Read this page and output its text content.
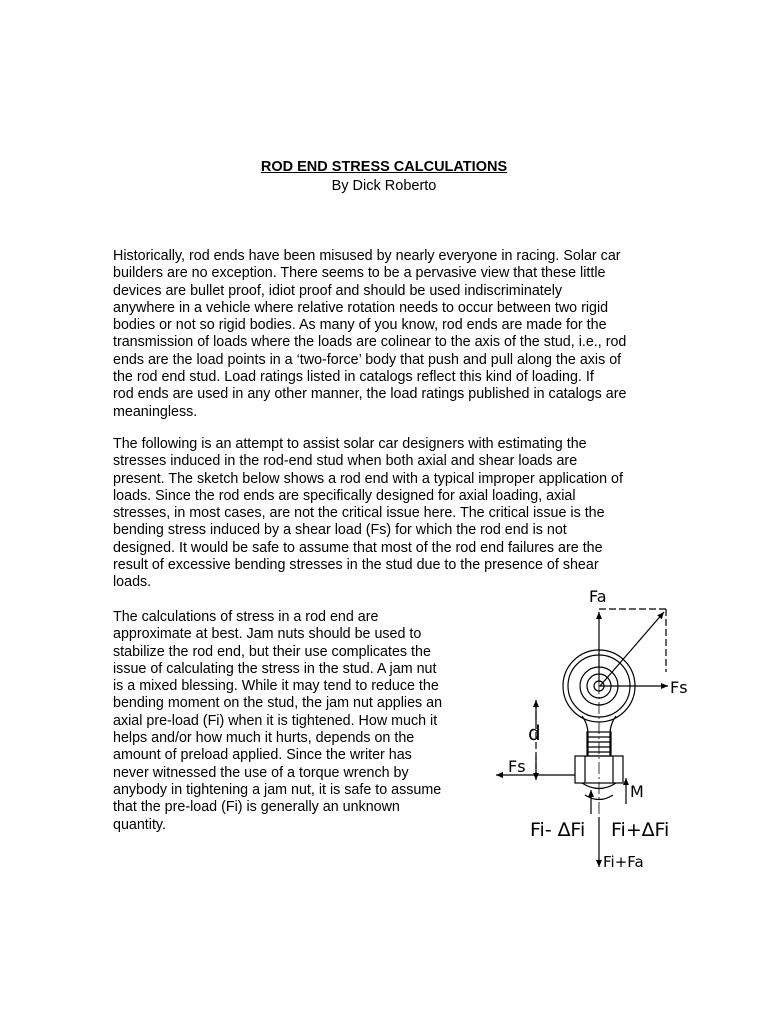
ROD END STRESS CALCULATIONS
By Dick Roberto

Historically, rod ends have been misused by nearly everyone in racing. Solar car
builders are no exception. There seems to be a pervasive view that these little
devices are bullet proof, idiot proof and should be used indiscriminately
anywhere in a vehicle where relative rotation needs to occur between two rigid
bodies or not so rigid bodies. As many of you know, rod ends are made for the
transmission of loads where the loads are colinear to the axis of the stud, i.e., rod
ends are the load points in a ‘two-force’ body that push and pull along the axis of
the rod end stud. Load ratings listed in catalogs reflect this kind of loading. If
rod ends are used in any other manner, the load ratings published in catalogs are
meaningless.

The following is an attempt to assist solar car designers with estimating the
stresses induced in the rod-end stud when both axial and shear loads are
present. The sketch below shows a rod end with a typical improper application of
loads. Since the rod ends are specifically designed for axial loading, axial
stresses, in most cases, are not the critical issue here. The critical issue is the
bending stress induced by a shear load (Fs) for which the rod end is not
designed. It would be safe to assume that most of the rod end failures are the
result of excessive bending stresses in the stud due to the presence of shear
loads.

The calculations of stress in a rod end are
approximate at best. Jam nuts should be used to
stabilize the rod end, but their use complicates the
issue of calculating the stress in the stud. A jam nut
is a mixed blessing. While it may tend to reduce the
bending moment on the stud, the jam nut applies an
axial pre-load (Fi) when it is tightened. How much it
helps and/or how much it hurts, depends on the
amount of preload applied. Since the writer has
never witnessed the use of a torque wrench by
anybody in tightening a jam nut, it is safe to assume
that the pre-load (Fi) is generally an unknown
quantity.

Fa
Fs
d
Fs
M
Fi- ∆Fi Fi+∆Fi
Fi+Fa
